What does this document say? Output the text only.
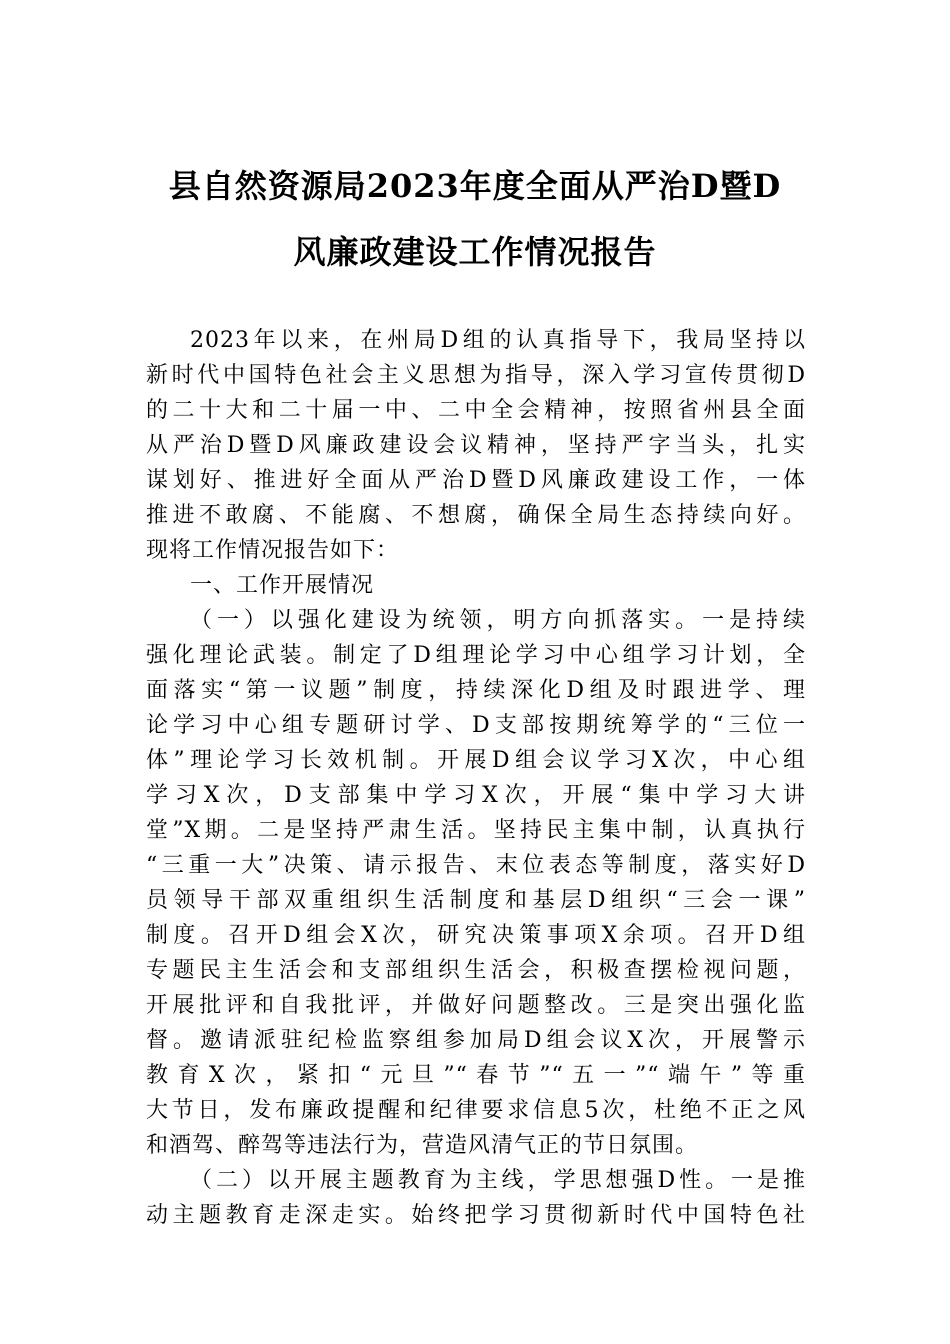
县自然资源局2023年度全面从严治D暨D
风廉政建设工作情况报告
2023年以来，在州局D组的认真指导下，我局坚持以
新时代中国特色社会主义思想为指导，深入学习宣传贯彻D
的二十大和二十届一中、二中全会精神，按照省州县全面
从严治D暨D风廉政建设会议精神，坚持严字当头，扎实
谋划好、推进好全面从严治D暨D风廉政建设工作，一体
推进不敢腐、不能腐、不想腐，确保全局生态持续向好。
现将工作情况报告如下：
一、工作开展情况
（一）以强化建设为统领，明方向抓落实。一是持续
强化理论武装。制定了D组理论学习中心组学习计划，全
面落实“第一议题”制度，持续深化D组及时跟进学、理
论学习中心组专题研讨学、D支部按期统筹学的“三位一
体”理论学习长效机制。开展D组会议学习X次，中心组
学习X次，D支部集中学习X次，开展“集中学习大讲
堂”X期。二是坚持严肃生活。坚持民主集中制，认真执行
“三重一大”决策、请示报告、末位表态等制度，落实好D
员领导干部双重组织生活制度和基层D组织“三会一课”
制度。召开D组会X次，研究决策事项X余项。召开D组
专题民主生活会和支部组织生活会，积极查摆检视问题，
开展批评和自我批评，并做好问题整改。三是突出强化监
督。邀请派驻纪检监察组参加局D组会议X次，开展警示
教育X次，紧扣“元旦”“春节”“五一”“端午”等重
大节日，发布廉政提醒和纪律要求信息5次，杜绝不正之风
和酒驾、醉驾等违法行为，营造风清气正的节日氛围。
（二）以开展主题教育为主线，学思想强D性。一是推
动主题教育走深走实。始终把学习贯彻新时代中国特色社
